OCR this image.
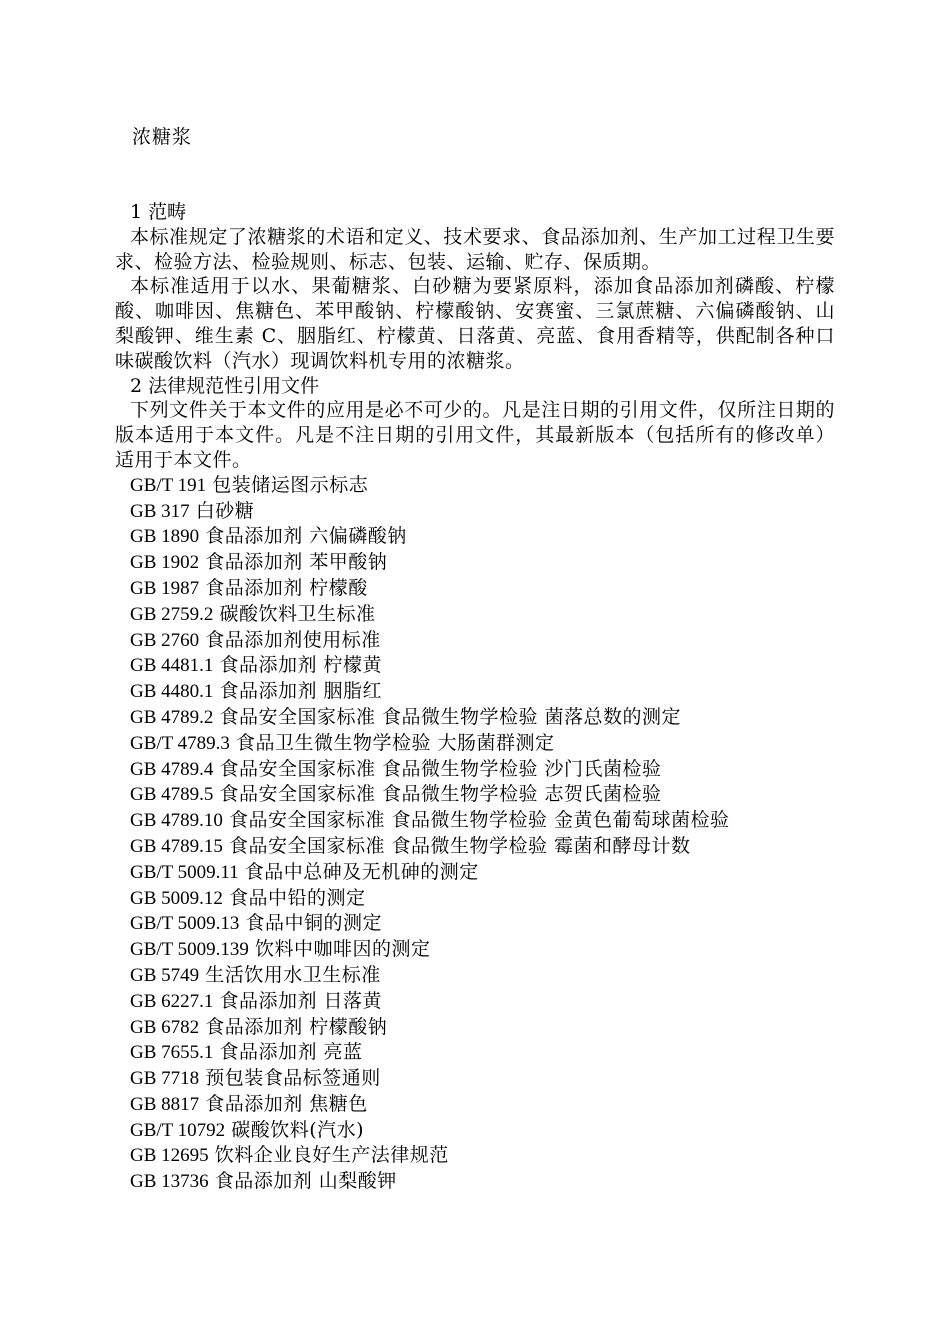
浓糖浆

1 范畴

本标准规定了浓糖浆的术语和定义、技术要求、食品添加剂、生产加工过程卫生要求、检验方法、检验规则、标志、包装、运输、贮存、保质期。

本标准适用于以水、果葡糖浆、白砂糖为要紧原料，添加食品添加剂磷酸、柠檬酸、咖啡因、焦糖色、苯甲酸钠、柠檬酸钠、安赛蜜、三氯蔗糖、六偏磷酸钠、山梨酸钾、维生素 C、胭脂红、柠檬黄、日落黄、亮蓝、食用香精等，供配制各种口味碳酸饮料（汽水）现调饮料机专用的浓糖浆。

2 法律规范性引用文件

下列文件关于本文件的应用是必不可少的。凡是注日期的引用文件，仅所注日期的版本适用于本文件。凡是不注日期的引用文件，其最新版本（包括所有的修改单）适用于本文件。

GB/T 191 包装储运图示标志
GB 317 白砂糖
GB 1890 食品添加剂 六偏磷酸钠
GB 1902 食品添加剂 苯甲酸钠
GB 1987 食品添加剂 柠檬酸
GB 2759.2 碳酸饮料卫生标准
GB 2760 食品添加剂使用标准
GB 4481.1 食品添加剂 柠檬黄
GB 4480.1 食品添加剂 胭脂红
GB 4789.2 食品安全国家标准 食品微生物学检验 菌落总数的测定
GB/T 4789.3 食品卫生微生物学检验 大肠菌群测定
GB 4789.4 食品安全国家标准 食品微生物学检验 沙门氏菌检验
GB 4789.5 食品安全国家标准 食品微生物学检验 志贺氏菌检验
GB 4789.10 食品安全国家标准 食品微生物学检验 金黄色葡萄球菌检验
GB 4789.15 食品安全国家标准 食品微生物学检验 霉菌和酵母计数
GB/T 5009.11 食品中总砷及无机砷的测定
GB 5009.12 食品中铅的测定
GB/T 5009.13 食品中铜的测定
GB/T 5009.139 饮料中咖啡因的测定
GB 5749 生活饮用水卫生标准
GB 6227.1 食品添加剂 日落黄
GB 6782 食品添加剂 柠檬酸钠
GB 7655.1 食品添加剂 亮蓝
GB 7718 预包装食品标签通则
GB 8817 食品添加剂 焦糖色
GB/T 10792 碳酸饮料(汽水)
GB 12695 饮料企业良好生产法律规范
GB 13736 食品添加剂 山梨酸钾
